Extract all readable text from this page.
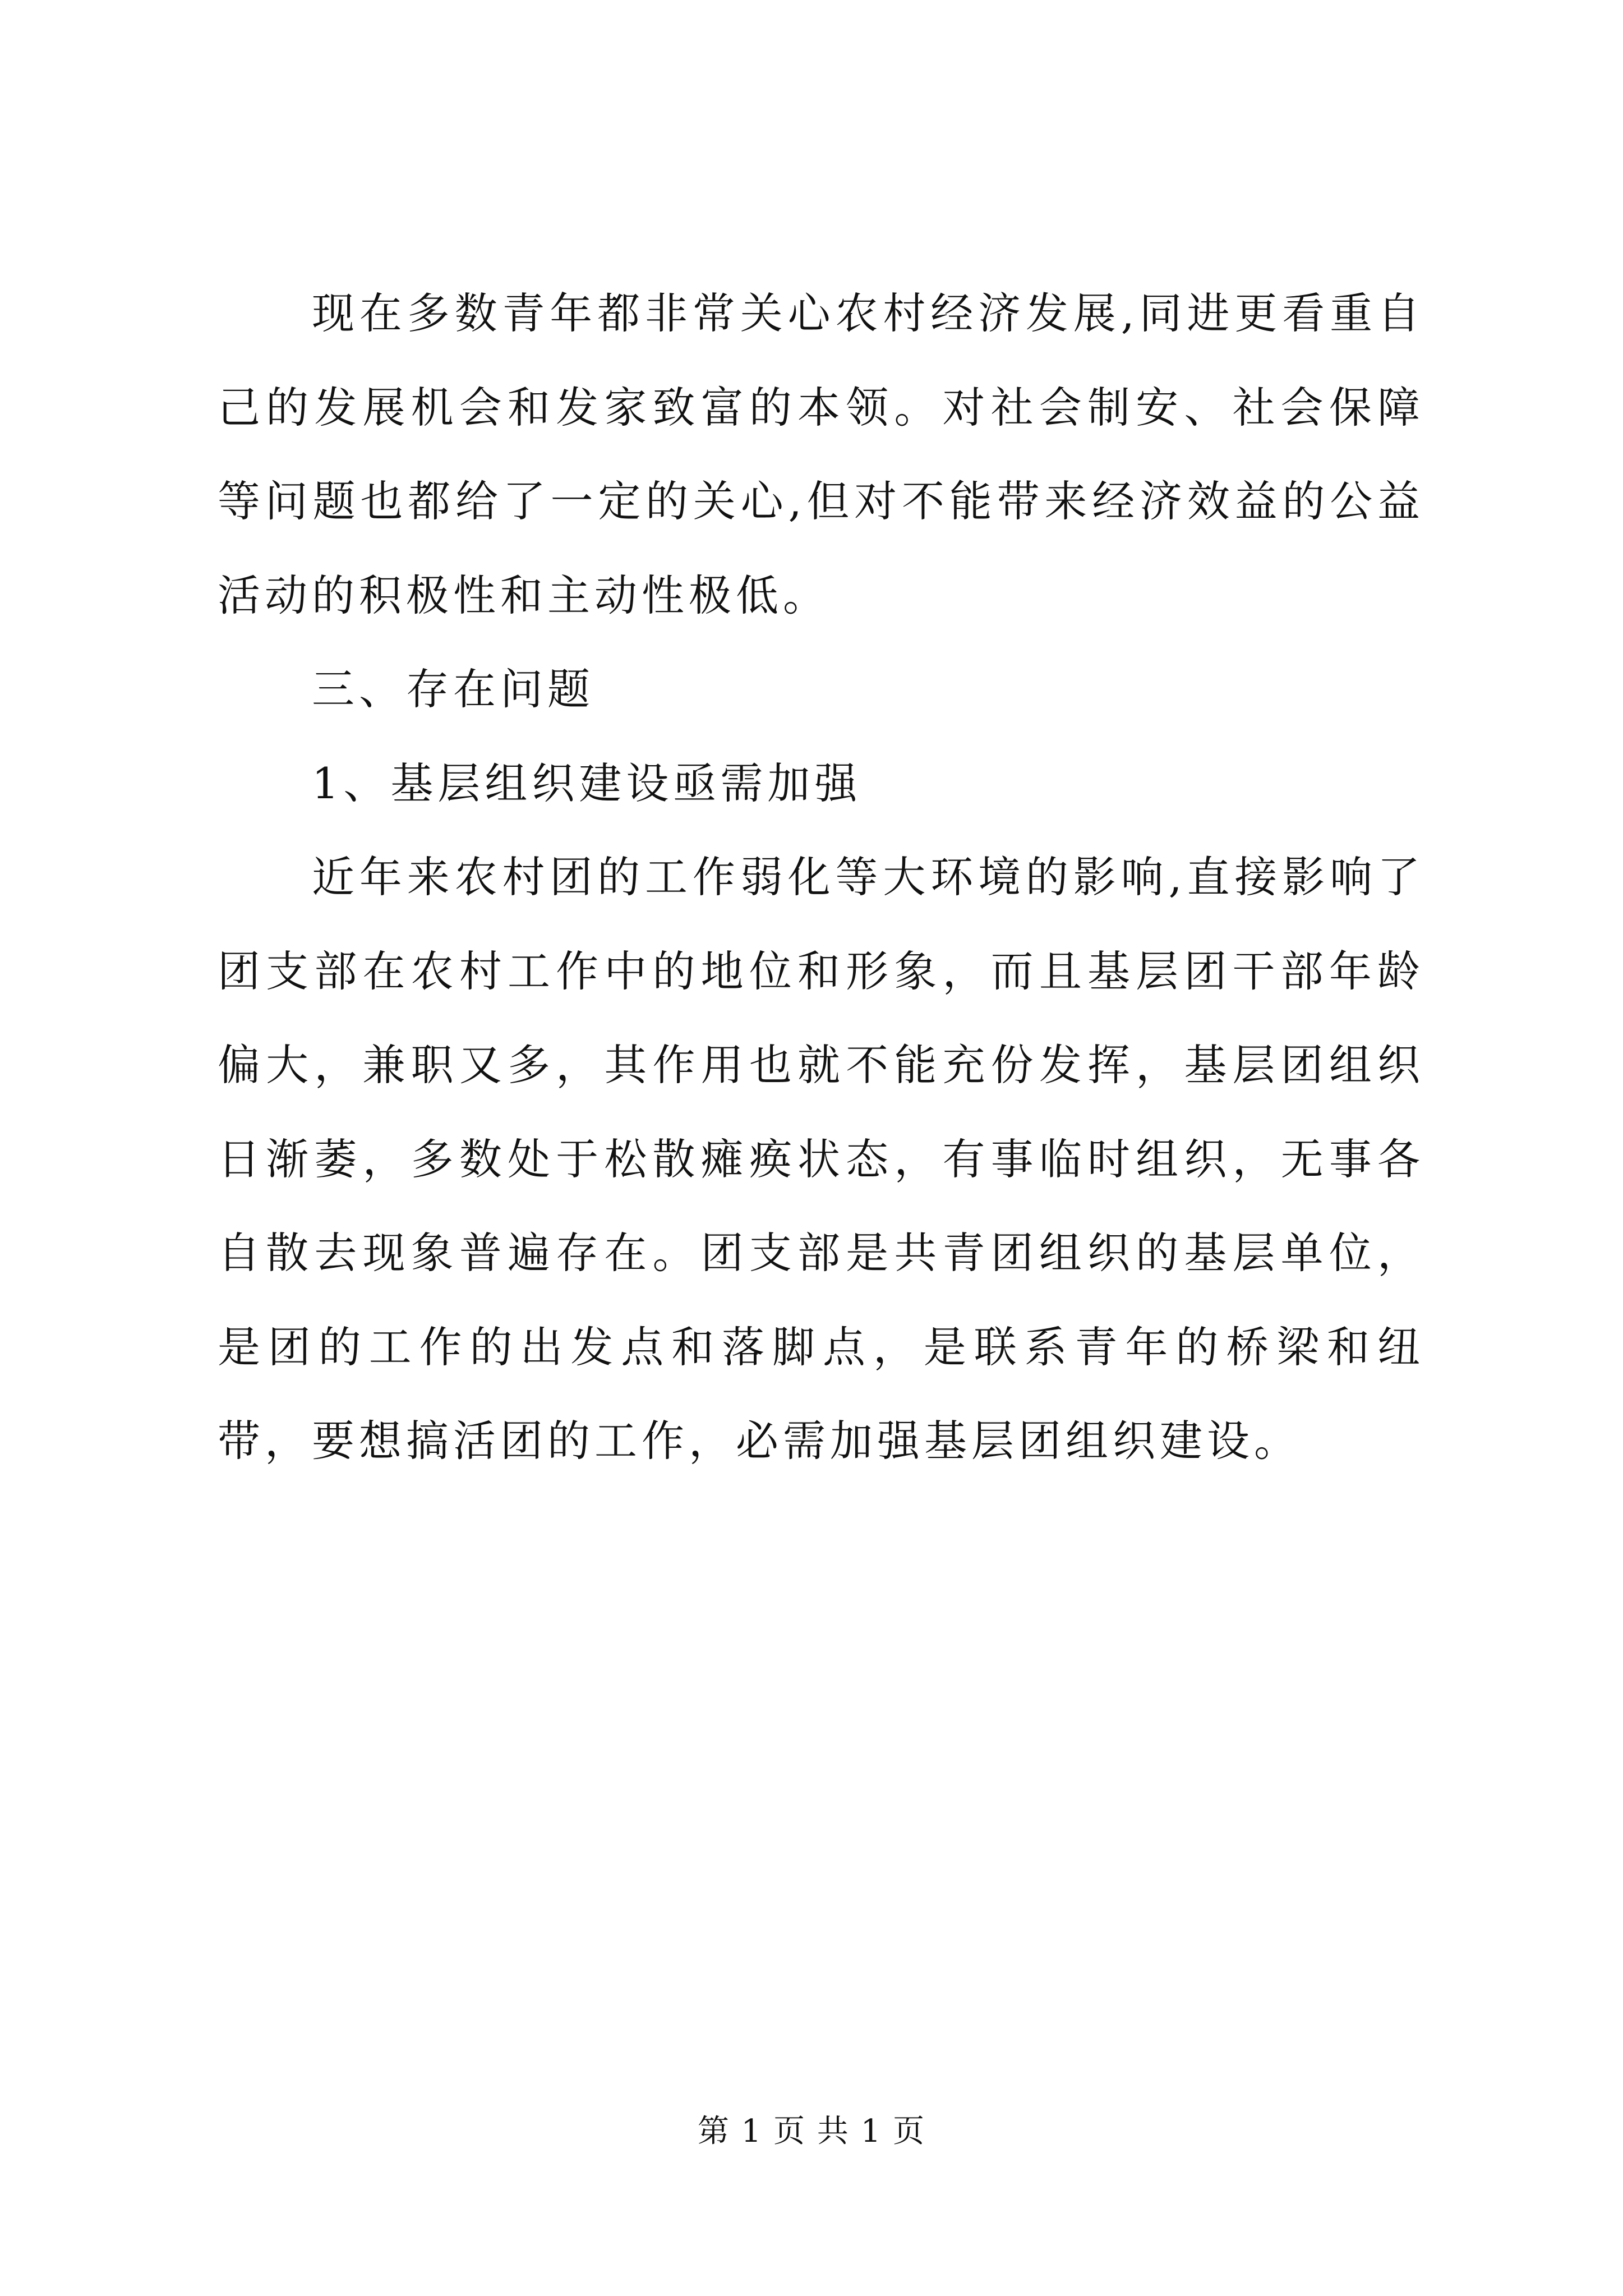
现在多数青年都非常关心农村经济发展,同进更看重自己的发展机会和发家致富的本领。对社会制安、社会保障等问题也都给了一定的关心,但对不能带来经济效益的公益活动的积极性和主动性极低。

三、存在问题

1、基层组织建设亟需加强

近年来农村团的工作弱化等大环境的影响,直接影响了团支部在农村工作中的地位和形象，而且基层团干部年龄偏大，兼职又多，其作用也就不能充份发挥，基层团组织日渐萎，多数处于松散瘫痪状态，有事临时组织，无事各自散去现象普遍存在。团支部是共青团组织的基层单位，是团的工作的出发点和落脚点，是联系青年的桥梁和纽带，要想搞活团的工作，必需加强基层团组织建设。

第 1 页 共 1 页
